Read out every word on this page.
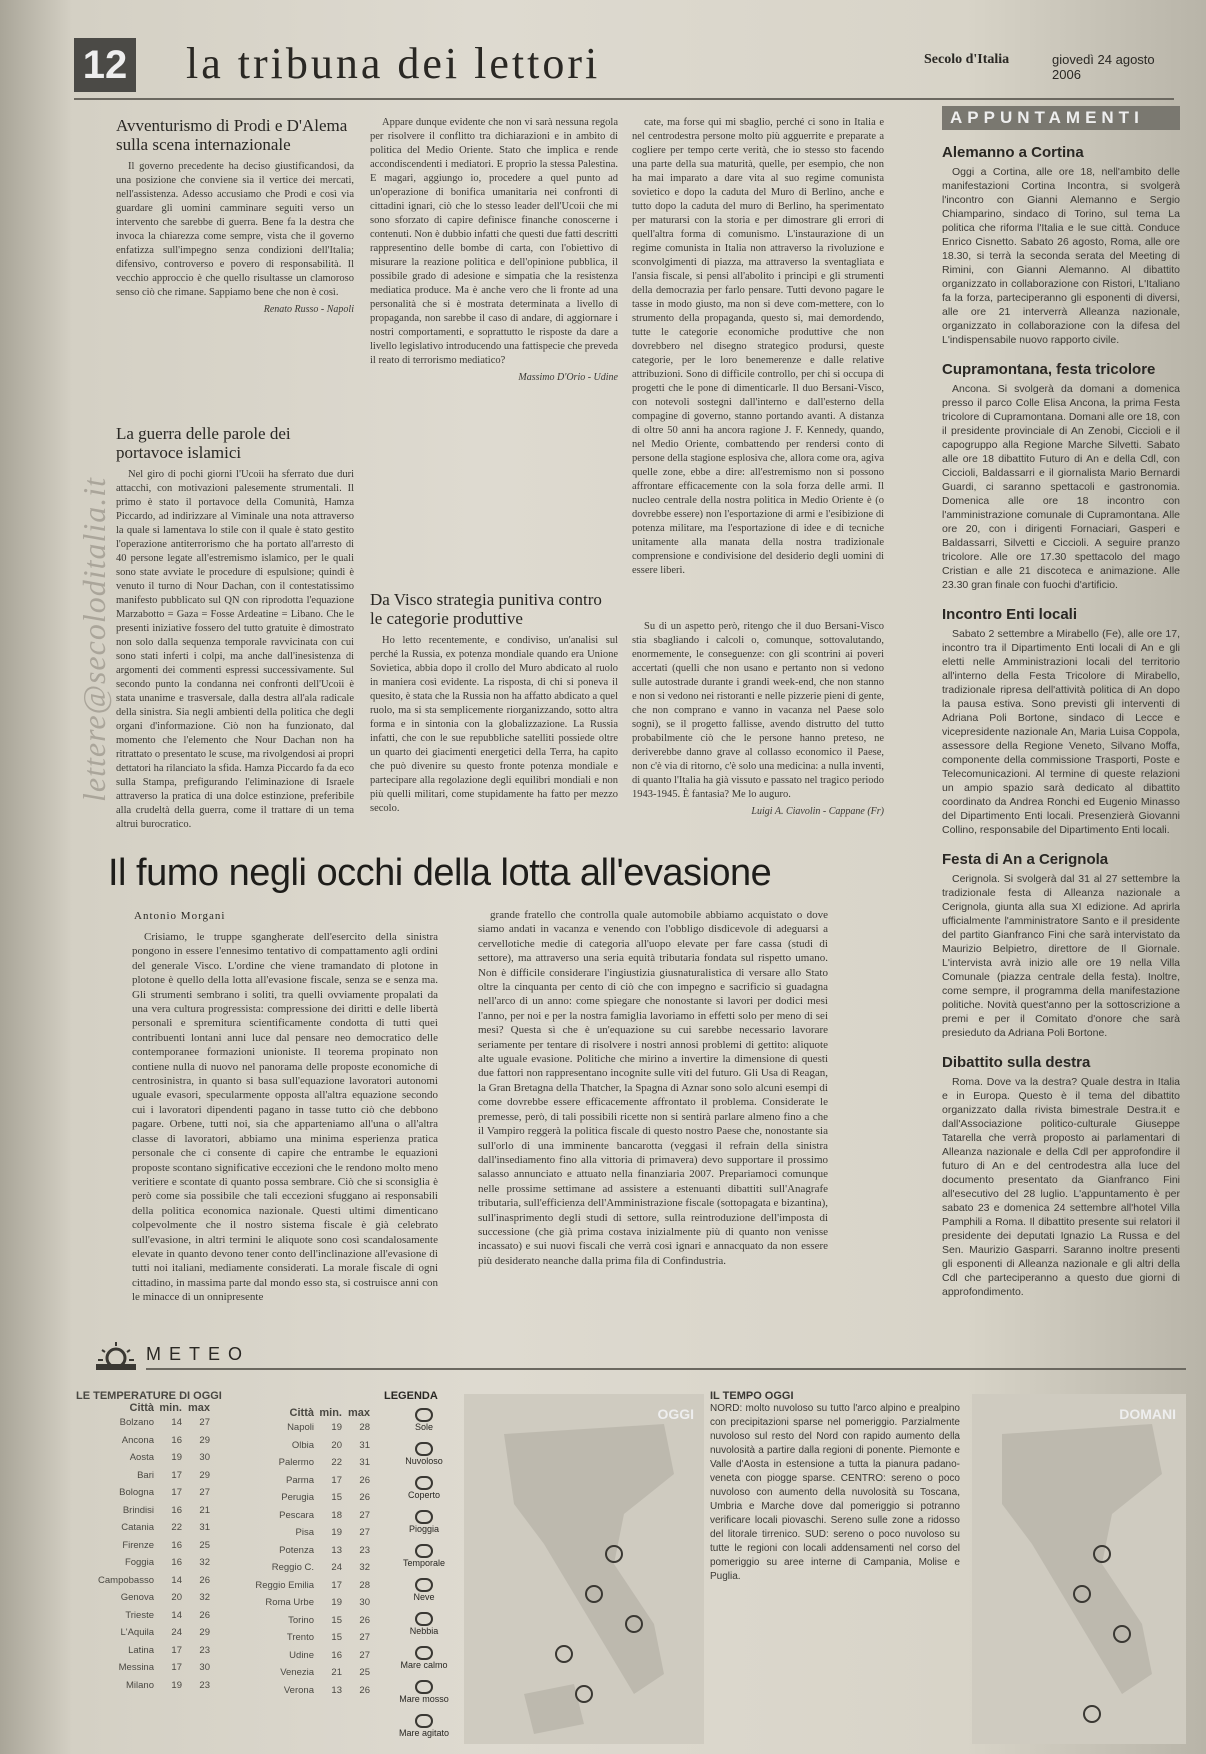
12 la tribuna dei lettori	Secolo d'Italia	giovedì 24 agosto 2006
lettere@secoloditalia.it
Avventurismo di Prodi e D'Alema sulla scena internazionale

Il governo precedente ha deciso giustificandosi, da una posizione che conviene sia il vertice dei mercati, nell'assistenza. Adesso accusiamo che Prodi e così via guardare gli uomini camminare seguiti verso un intervento che sarebbe di guerra. Bene fa la destra che invoca la chiarezza come sempre, vista che il governo enfatizza sull'impegno senza condizioni dell'Italia; difensivo, controverso e povero di responsabilità. Il vecchio approccio è che quello risultasse un clamoroso senso ciò che rimane. Sappiamo bene che non è così.

Renato Russo - Napoli

La guerra delle parole dei portavoce islamici

Nel giro di pochi giorni l'Ucoii ha sferrato due duri attacchi, con motivazioni palesemente strumentali. Il primo è stato il portavoce della Comunità, Hamza Piccardo, ad indirizzare al Viminale una nota attraverso la quale si lamentava lo stile con il quale è stato gestito l'operazione antiterrorismo che ha portato all'arresto di 40 persone legate all'estremismo islamico, per le quali sono state avviate le procedure di espulsione; quindi è venuto il turno di Nour Dachan, con il contestatissimo manifesto pubblicato sul QN con riprodotta l'equazione Marzabotto = Gaza = Fosse Ardeatine = Libano. Che le presenti iniziative fossero del tutto gratuite è dimostrato non solo dalla sequenza temporale ravvicinata con cui sono stati inferti i colpi, ma anche dall'inesistenza di argomenti dei commenti espressi successivamente. Sul secondo punto la condanna nei confronti dell'Ucoii è stata unanime e trasversale, dalla destra all'ala radicale della sinistra. Sia negli ambienti della politica che degli organi d'informazione. Ciò non ha funzionato, dal momento che l'elemento che Nour Dachan non ha ritrattato o presentato le scuse, ma rivolgendosi ai propri dettatori ha rilanciato la sfida. Hamza Piccardo fa da eco sulla Stampa, prefigurando l'eliminazione di Israele attraverso la pratica di una dolce estinzione, preferibile alla crudeltà della guerra, come il trattare di un tema altrui burocratico.

Appare dunque evidente che non vi sarà nessuna regola per risolvere il conflitto tra dichiarazioni e in ambito di politica del Medio Oriente. Stato che implica e rende accondiscendenti i mediatori. E proprio la stessa Palestina. E magari, aggiungo io, procedere a quel punto ad un'operazione di bonifica umanitaria nei confronti di cittadini ignari, ciò che lo stesso leader dell'Ucoii che mi sono sforzato di capire definisce finanche conoscerne i contenuti. Non è dubbio infatti che questi due fatti descritti rappresentino delle bombe di carta, con l'obiettivo di misurare la reazione politica e dell'opinione pubblica, il possibile grado di adesione e simpatia che la resistenza mediatica produce. Ma è anche vero che lì fronte ad una personalità che si è mostrata determinata a livello di propaganda, non sarebbe il caso di andare, di aggiornare i nostri comportamenti, e soprattutto le risposte da dare a livello legislativo introducendo una fattispecie che preveda il reato di terrorismo mediatico?

Massimo D'Orio - Udine

Da Visco strategia punitiva contro le categorie produttive

Ho letto recentemente, e condiviso, un'analisi sul perché la Russia, ex potenza mondiale quando era Unione Sovietica, abbia dopo il crollo del Muro abdicato al ruolo in maniera così evidente. La risposta, di chi si poneva il quesito, è stata che la Russia non ha affatto abdicato a quel ruolo, ma si sta semplicemente riorganizzando, sotto altra forma e in sintonia con la globalizzazione. La Russia infatti, che con le sue repubbliche satelliti possiede oltre un quarto dei giacimenti energetici della Terra, ha capito che può divenire su questo fronte potenza mondiale e partecipare alla regolazione degli equilibri mondiali e non più quelli militari, come stupidamente ha fatto per mezzo secolo.

cate, ma forse qui mi sbaglio, perché ci sono in Italia e nel centrodestra persone molto più agguerrite e preparate a cogliere per tempo certe verità, che io stesso sto facendo una parte della sua maturità, quelle, per esempio, che non ha mai imparato a dare vita al suo regime comunista sovietico e dopo la caduta del Muro di Berlino, anche e tutto dopo la caduta del muro di Berlino, ha sperimentato per maturarsi con la storia e per dimostrare gli errori di quell'altra forma di comunismo. L'instaurazione di un regime comunista in Italia non attraverso la rivoluzione e sconvolgimenti di piazza, ma attraverso la sventagliata e l'ansia fiscale, si pensi all'abolito i principi e gli strumenti della democrazia per farlo pensare. Tutti devono pagare le tasse in modo giusto, ma non si deve com-mettere, con lo strumento della propaganda, questo si, mai demordendo, tutte le categorie economiche produttive che non dovrebbero nel disegno strategico prodursi, queste categorie, per le loro benemerenze e dalle relative attribuzioni. Sono di difficile controllo, per chi si occupa di progetti che le pone di dimenticarle. Il duo Bersani-Visco, con notevoli sostegni dall'interno e dall'esterno della compagine di governo, stanno portando avanti. A distanza di oltre 50 anni ha ancora ragione J. F. Kennedy, quando, nel Medio Oriente, combattendo per rendersi conto di persone della stagione esplosiva che, allora come ora, agiva quelle zone, ebbe a dire: all'estremismo non si possono affrontare efficacemente con la sola forza delle armi. Il nucleo centrale della nostra politica in Medio Oriente è (o dovrebbe essere) non l'esportazione di armi e l'esibizione di potenza militare, ma l'esportazione di idee e di tecniche unitamente alla manata della nostra tradizionale comprensione e condivisione del desiderio degli uomini di essere liberi.

Su di un aspetto però, ritengo che il duo Bersani-Visco stia sbagliando i calcoli o, comunque, sottovalutando, enormemente, le conseguenze: con gli scontrini ai poveri accertati (quelli che non usano e pertanto non si vedono sulle autostrade durante i grandi week-end, che non stanno e non si vedono nei ristoranti e nelle pizzerie pieni di gente, che non comprano e vanno in vacanza nel Paese solo sogni), se il progetto fallisse, avendo distrutto del tutto probabilmente ciò che le persone hanno preteso, ne deriverebbe danno grave al collasso economico il Paese, non c'è via di ritorno, c'è solo una medicina: a nulla inventi, di quanto l'Italia ha già vissuto e passato nel tragico periodo 1943-1945. È fantasia? Me lo auguro.

Luigi A. Ciavolin - Cappane (Fr)

Il fumo negli occhi della lotta all'evasione
Antonio Morgani

Crisiamo, le truppe sgangherate dell'esercito della sinistra pongono in essere l'ennesimo tentativo di compattamento agli ordini del generale Visco. L'ordine che viene tramandato di plotone in plotone è quello della lotta all'evasione fiscale, senza se e senza ma. Gli strumenti sembrano i soliti, tra quelli ovviamente propalati da una vera cultura progressista: compressione dei diritti e delle libertà personali e spremitura scientificamente condotta di tutti quei contribuenti lontani anni luce dal pensare neo democratico delle contemporanee formazioni unioniste. Il teorema propinato non contiene nulla di nuovo nel panorama delle proposte economiche di centrosinistra, in quanto si basa sull'equazione lavoratori autonomi uguale evasori, specularmente opposta all'altra equazione secondo cui i lavoratori dipendenti pagano in tasse tutto ciò che debbono pagare. Orbene, tutti noi, sia che apparteniamo all'una o all'altra classe di lavoratori, abbiamo una minima esperienza pratica personale che ci consente di capire che entrambe le equazioni proposte scontano significative eccezioni che le rendono molto meno veritiere e scontate di quanto possa sembrare. Ciò che si sconsiglia è però come sia possibile che tali eccezioni sfuggano ai responsabili della politica economica nazionale. Questi ultimi dimenticano colpevolmente che il nostro sistema fiscale è già celebrato sull'evasione, in altri termini le aliquote sono così scandalosamente elevate in quanto devono tener conto dell'inclinazione all'evasione di tutti noi italiani, mediamente considerati. La morale fiscale di ogni cittadino, in massima parte dal mondo esso sta, si costruisce anni con le minacce di un onnipresente

grande fratello che controlla quale automobile abbiamo acquistato o dove siamo andati in vacanza e venendo con l'obbligo disdicevole di adeguarsi a cervellotiche medie di categoria all'uopo elevate per fare cassa (studi di settore), ma attraverso una seria equità tributaria fondata sul rispetto umano. Non è difficile considerare l'ingiustizia giusnaturalistica di versare allo Stato oltre la cinquanta per cento di ciò che con impegno e sacrificio si guadagna nell'arco di un anno: come spiegare che nonostante si lavori per dodici mesi l'anno, per noi e per la nostra famiglia lavoriamo in effetti solo per meno di sei mesi? Questa sì che è un'equazione su cui sarebbe necessario lavorare seriamente per tentare di risolvere i nostri annosi problemi di gettito: aliquote alte uguale evasione. Politiche che mirino a invertire la dimensione di questi due fattori non rappresentano incognite sulle viti del futuro. Gli Usa di Reagan, la Gran Bretagna della Thatcher, la Spagna di Aznar sono solo alcuni esempi di come dovrebbe essere efficacemente affrontato il problema. Considerate le premesse, però, di tali possibili ricette non si sentirà parlare almeno fino a che il Vampiro reggerà la politica fiscale di questo nostro Paese che, nonostante sia sull'orlo di una imminente bancarotta (veggasi il refrain della sinistra dall'insediamento fino alla vittoria di primavera) devo supportare il prossimo salasso annunciato e attuato nella finanziaria 2007. Prepariamoci comunque nelle prossime settimane ad assistere a estenuanti dibattiti sull'Anagrafe tributaria, sull'efficienza dell'Amministrazione fiscale (sottopagata e bizantina), sull'inasprimento degli studi di settore, sulla reintroduzione dell'imposta di successione (che già prima costava inizialmente più di quanto non venisse incassato) e sui nuovi fiscali che verrà così ignari e annacquato da non essere più desiderato neanche dalla prima fila di Confindustria.

APPUNTAMENTI
Alemanno a Cortina

Oggi a Cortina, alle ore 18, nell'ambito delle manifestazioni Cortina Incontra, si svolgerà l'incontro con Gianni Alemanno e Sergio Chiamparino, sindaco di Torino, sul tema La politica che riforma l'Italia e le sue città. Conduce Enrico Cisnetto. Sabato 26 agosto, Roma, alle ore 18.30, si terrà la seconda serata del Meeting di Rimini, con Gianni Alemanno. Al dibattito organizzato in collaborazione con Ristori, L'Italiano fa la forza, parteciperanno gli esponenti di diversi, alle ore 21 interverrà Alleanza nazionale, organizzato in collaborazione con la difesa del L'indispensabile nuovo rapporto civile.

Cupramontana, festa tricolore

Ancona. Si svolgerà da domani a domenica presso il parco Colle Elisa Ancona, la prima Festa tricolore di Cupramontana. Domani alle ore 18, con il presidente provinciale di An Zenobi, Ciccioli e il capogruppo alla Regione Marche Silvetti. Sabato alle ore 18 dibattito Futuro di An e della Cdl, con Ciccioli, Baldassarri e il giornalista Mario Bernardi Guardi, ci saranno spettacoli e gastronomia. Domenica alle ore 18 incontro con l'amministrazione comunale di Cupramontana. Alle ore 20, con i dirigenti Fornaciari, Gasperi e Baldassarri, Silvetti e Ciccioli. A seguire pranzo tricolore. Alle ore 17.30 spettacolo del mago Cristian e alle 21 discoteca e animazione. Alle 23.30 gran finale con fuochi d'artificio.

Incontro Enti locali

Sabato 2 settembre a Mirabello (Fe), alle ore 17, incontro tra il Dipartimento Enti locali di An e gli eletti nelle Amministrazioni locali del territorio all'interno della Festa Tricolore di Mirabello, tradizionale ripresa dell'attività politica di An dopo la pausa estiva. Sono previsti gli interventi di Adriana Poli Bortone, sindaco di Lecce e vicepresidente nazionale An, Maria Luisa Coppola, assessore della Regione Veneto, Silvano Moffa, componente della commissione Trasporti, Poste e Telecomunicazioni. Al termine di queste relazioni un ampio spazio sarà dedicato al dibattito coordinato da Andrea Ronchi ed Eugenio Minasso del Dipartimento Enti locali. Presenzierà Giovanni Collino, responsabile del Dipartimento Enti locali.

Festa di An a Cerignola

Cerignola. Si svolgerà dal 31 al 27 settembre la tradizionale festa di Alleanza nazionale a Cerignola, giunta alla sua XI edizione. Ad aprirla ufficialmente l'amministratore Santo e il presidente del partito Gianfranco Fini che sarà intervistato da Maurizio Belpietro, direttore de Il Giornale. L'intervista avrà inizio alle ore 19 nella Villa Comunale (piazza centrale della festa). Inoltre, come sempre, il programma della manifestazione politiche. Novità quest'anno per la sottoscrizione a premi e per il Comitato d'onore che sarà presieduto da Adriana Poli Bortone.

Dibattito sulla destra

Roma. Dove va la destra? Quale destra in Italia e in Europa. Questo è il tema del dibattito organizzato dalla rivista bimestrale Destra.it e dall'Associazione politico-culturale Giuseppe Tatarella che verrà proposto ai parlamentari di Alleanza nazionale e della Cdl per approfondire il futuro di An e del centrodestra alla luce del documento presentato da Gianfranco Fini all'esecutivo del 28 luglio. L'appuntamento è per sabato 23 e domenica 24 settembre all'hotel Villa Pamphili a Roma. Il dibattito presente sui relatori il presidente dei deputati Ignazio La Russa e del Sen. Maurizio Gasparri. Saranno inoltre presenti gli esponenti di Alleanza nazionale e gli altri della Cdl che parteciperanno a questo due giorni di approfondimento.

METEO
LE TEMPERATURE DI OGGI
Città min. max
Bolzano	14	27
Ancona	16	29
Aosta	19	30
Bari	17	29
Bologna	17	27
Brindisi	16	21
Catania	22	31
Firenze	16	25
Foggia	16	32
Campobasso	14	26
Genova	20	32
Trieste	14	26
L'Aquila	24	29
Latina	17	23
Messina	17	30
Milano	19	23
Città min. max
Napoli	19	28
Olbia	20	31
Palermo	22	31
Parma	17	26
Perugia	15	26
Pescara	18	27
Pisa	19	27
Potenza	13	23
Reggio C.	24	32
Reggio Emilia	17	28
Roma Urbe	19	30
Torino	15	26
Trento	15	27
Udine	16	27
Venezia	21	25
Verona	13	26
LEGENDA
Sole
Nuvoloso
Coperto
Pioggia
Temporale
Neve
Nebbia
Mare calmo
Mare mosso
Mare agitato
OGGI
IL TEMPO OGGI
NORD: molto nuvoloso su tutto l'arco alpino e prealpino con precipitazioni sparse nel pomeriggio. Parzialmente nuvoloso sul resto del Nord con rapido aumento della nuvolosità a partire dalla regioni di ponente. Piemonte e Valle d'Aosta in estensione a tutta la pianura padano-veneta con piogge sparse. CENTRO: sereno o poco nuvoloso con aumento della nuvolosità su Toscana, Umbria e Marche dove dal pomeriggio si potranno verificare locali piovaschi. Sereno sulle zone a ridosso del litorale tirrenico. SUD: sereno o poco nuvoloso su tutte le regioni con locali addensamenti nel corso del pomeriggio su aree interne di Campania, Molise e Puglia.
DOMANI
